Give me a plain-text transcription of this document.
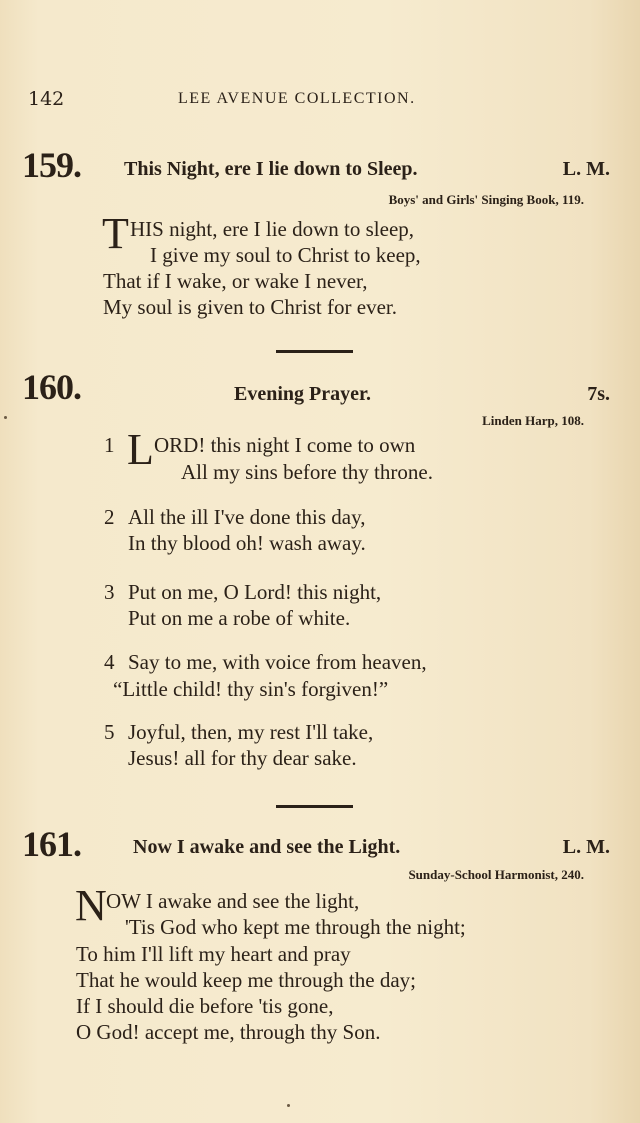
142	LEE AVENUE COLLECTION.
159. This Night, ere I lie down to Sleep.	L. M.
Boys' and Girls' Singing Book, 119.
T HIS night, ere I lie down to sleep,
I give my soul to Christ to keep,
That if I wake, or wake I never,
My soul is given to Christ for ever.
160.	Evening Prayer.	7s.
Linden Harp, 108.
1 L ORD! this night I come to own
All my sins before thy throne.
2 All the ill I've done this day,
In thy blood oh! wash away.
3 Put on me, O Lord! this night,
Put on me a robe of white.
4 Say to me, with voice from heaven,
“Little child! thy sin's forgiven!”
5 Joyful, then, my rest I'll take,
Jesus! all for thy dear sake.
161.	Now I awake and see the Light.	L. M.
Sunday-School Harmonist, 240.
N OW I awake and see the light,
'Tis God who kept me through the night;
To him I'll lift my heart and pray
That he would keep me through the day;
If I should die before 'tis gone,
O God! accept me, through thy Son.
